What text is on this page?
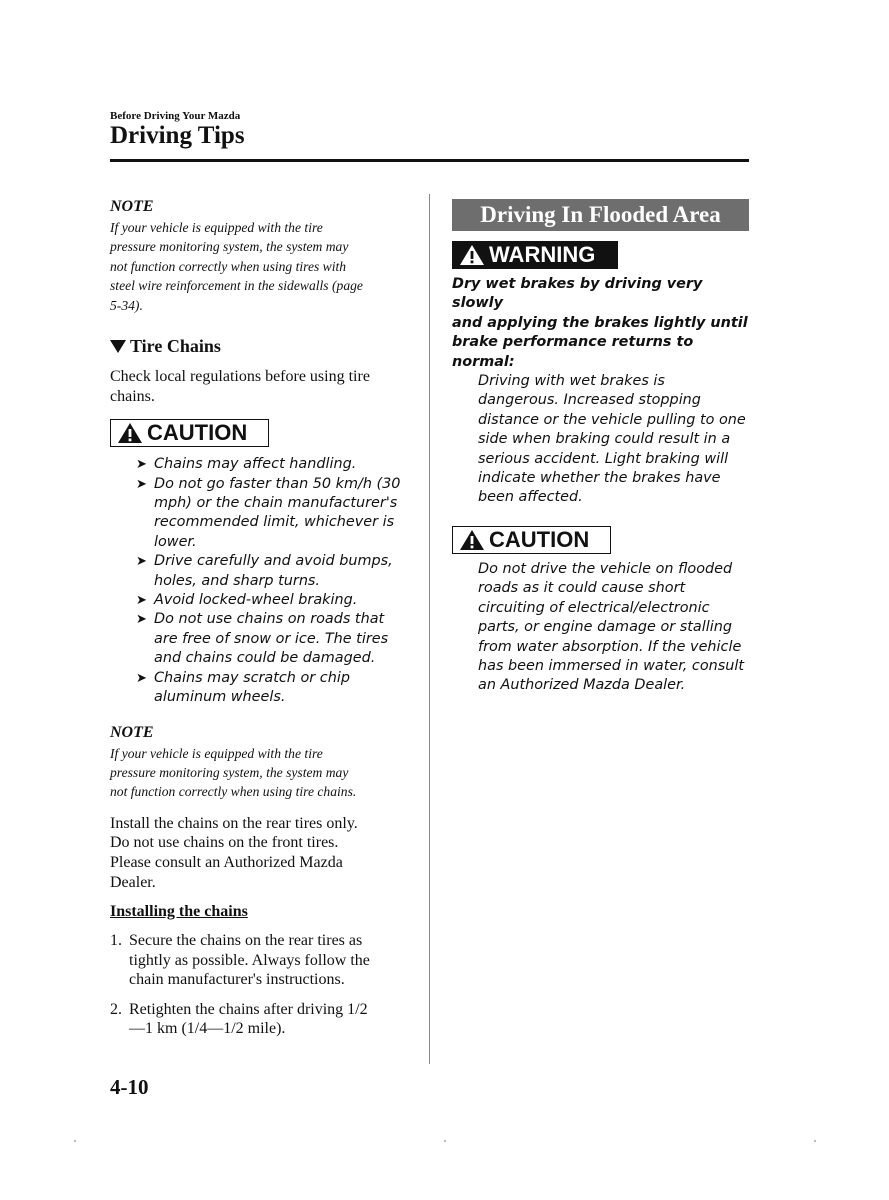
Before Driving Your Mazda
Driving Tips

NOTE

If your vehicle is equipped with the tire
pressure monitoring system, the system may
not function correctly when using tires with
steel wire reinforcement in the sidewalls (page
5-34).

Tire Chains

Check local regulations before using tire
chains.

CAUTION
➤ Chains may affect handling.
➤ Do not go faster than 50 km/h (30
mph) or the chain manufacturer's
recommended limit, whichever is
lower.
➤ Drive carefully and avoid bumps,
holes, and sharp turns.
➤ Avoid locked-wheel braking.
➤ Do not use chains on roads that
are free of snow or ice. The tires
and chains could be damaged.
➤ Chains may scratch or chip
aluminum wheels.

NOTE

If your vehicle is equipped with the tire
pressure monitoring system, the system may
not function correctly when using tire chains.

Install the chains on the rear tires only.
Do not use chains on the front tires.
Please consult an Authorized Mazda
Dealer.

Installing the chains

1. Secure the chains on the rear tires as
tightly as possible. Always follow the
chain manufacturer's instructions.
2. Retighten the chains after driving 1/2
—1 km (1/4—1/2 mile).
Driving In Flooded Area
WARNING

Dry wet brakes by driving very slowly
and applying the brakes lightly until
brake performance returns to normal:

Driving with wet brakes is
dangerous. Increased stopping
distance or the vehicle pulling to one
side when braking could result in a
serious accident. Light braking will
indicate whether the brakes have
been affected.

CAUTION

Do not drive the vehicle on flooded
roads as it could cause short
circuiting of electrical/electronic
parts, or engine damage or stalling
from water absorption. If the vehicle
has been immersed in water, consult
an Authorized Mazda Dealer.

4-10
